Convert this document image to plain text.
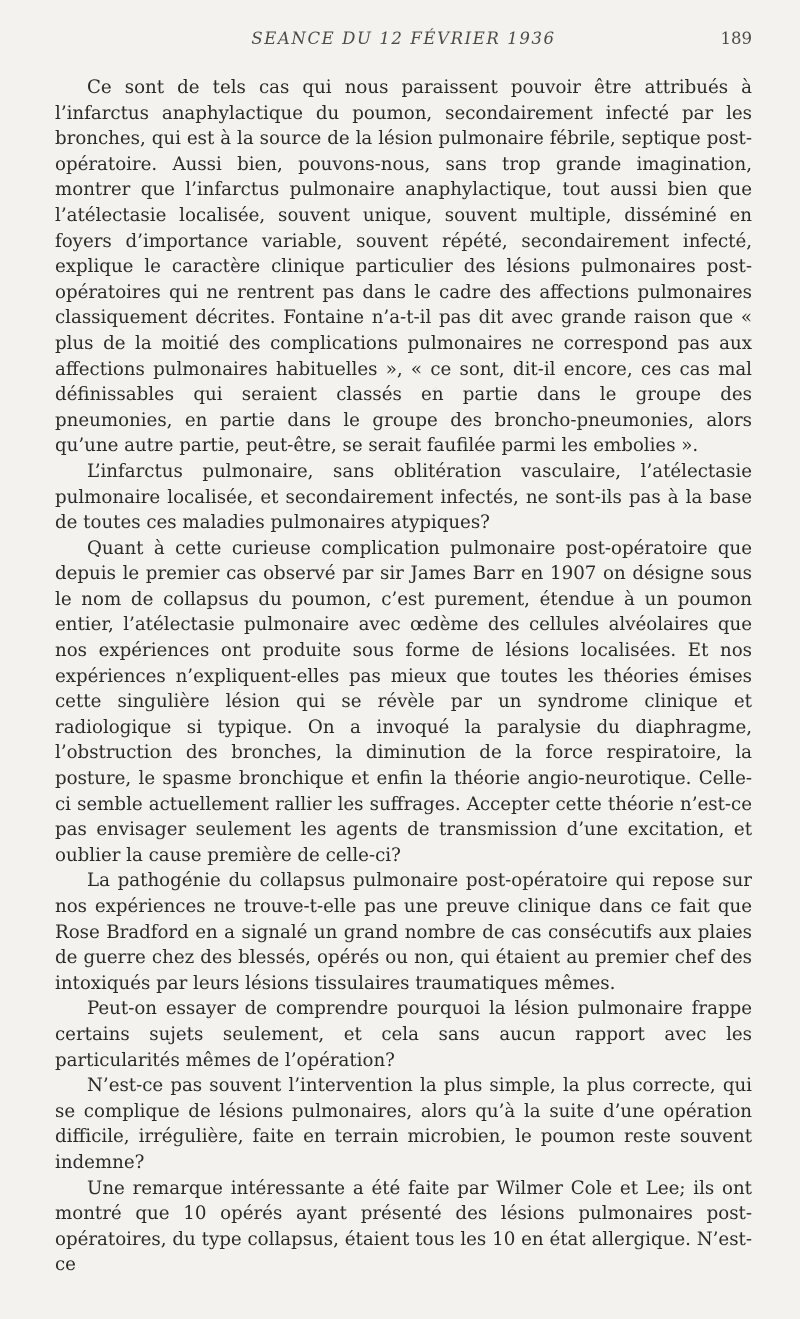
SEANCE DU 12 FÉVRIER 1936	189

Ce sont de tels cas qui nous paraissent pouvoir être attribués à l’infarctus anaphylactique du poumon, secondairement infecté par les bronches, qui est à la source de la lésion pulmonaire fébrile, septique post-opératoire. Aussi bien, pouvons-nous, sans trop grande imagination, montrer que l’infarctus pulmonaire anaphylactique, tout aussi bien que l’atélectasie localisée, souvent unique, souvent multiple, disséminé en foyers d’importance variable, souvent répété, secondairement infecté, explique le caractère clinique particulier des lésions pulmonaires post-opératoires qui ne rentrent pas dans le cadre des affections pulmonaires classiquement décrites. Fontaine n’a-t-il pas dit avec grande raison que « plus de la moitié des complications pulmonaires ne correspond pas aux affections pulmonaires habituelles », « ce sont, dit-il encore, ces cas mal définissables qui seraient classés en partie dans le groupe des pneumonies, en partie dans le groupe des broncho-pneumonies, alors qu’une autre partie, peut-être, se serait faufilée parmi les embolies ».

L’infarctus pulmonaire, sans oblitération vasculaire, l’atélectasie pulmonaire localisée, et secondairement infectés, ne sont-ils pas à la base de toutes ces maladies pulmonaires atypiques?

Quant à cette curieuse complication pulmonaire post-opératoire que depuis le premier cas observé par sir James Barr en 1907 on désigne sous le nom de collapsus du poumon, c’est purement, étendue à un poumon entier, l’atélectasie pulmonaire avec œdème des cellules alvéolaires que nos expériences ont produite sous forme de lésions localisées. Et nos expériences n’expliquent-elles pas mieux que toutes les théories émises cette singulière lésion qui se révèle par un syndrome clinique et radiologique si typique. On a invoqué la paralysie du diaphragme, l’obstruction des bronches, la diminution de la force respiratoire, la posture, le spasme bronchique et enfin la théorie angio-neurotique. Celle-ci semble actuellement rallier les suffrages. Accepter cette théorie n’est-ce pas envisager seulement les agents de transmission d’une excitation, et oublier la cause première de celle-ci?

La pathogénie du collapsus pulmonaire post-opératoire qui repose sur nos expériences ne trouve-t-elle pas une preuve clinique dans ce fait que Rose Bradford en a signalé un grand nombre de cas consécutifs aux plaies de guerre chez des blessés, opérés ou non, qui étaient au premier chef des intoxiqués par leurs lésions tissulaires traumatiques mêmes.

Peut-on essayer de comprendre pourquoi la lésion pulmonaire frappe certains sujets seulement, et cela sans aucun rapport avec les particularités mêmes de l’opération?

N’est-ce pas souvent l’intervention la plus simple, la plus correcte, qui se complique de lésions pulmonaires, alors qu’à la suite d’une opération difficile, irrégulière, faite en terrain microbien, le poumon reste souvent indemne?

Une remarque intéressante a été faite par Wilmer Cole et Lee; ils ont montré que 10 opérés ayant présenté des lésions pulmonaires post-opératoires, du type collapsus, étaient tous les 10 en état allergique. N’est-ce
